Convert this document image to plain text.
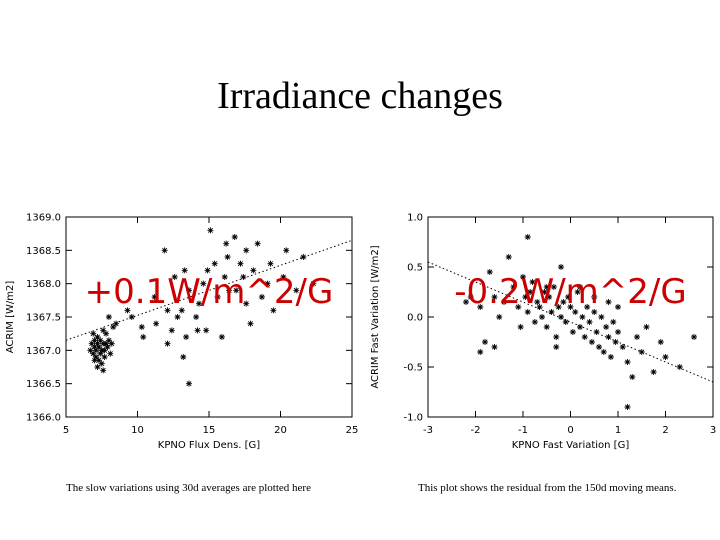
Irradiance changes
5	10	15	20	25
1366.0
1366.5
1367.0
1367.5
1368.0
1368.5
1369.0
KPNO Flux Dens. [G]
ACRIM [W/m2] +0.1W/m^2/G
-3	-2	-1	0	1	2	3
-1.0
-0.5
0.0
0.5
1.0
KPNO Fast Variation [G]
ACRIM Fast Variation [W/m2] -0.2W/m^2/G
The slow variations using 30d averages are plotted here	This plot shows the residual from the 150d moving means.
